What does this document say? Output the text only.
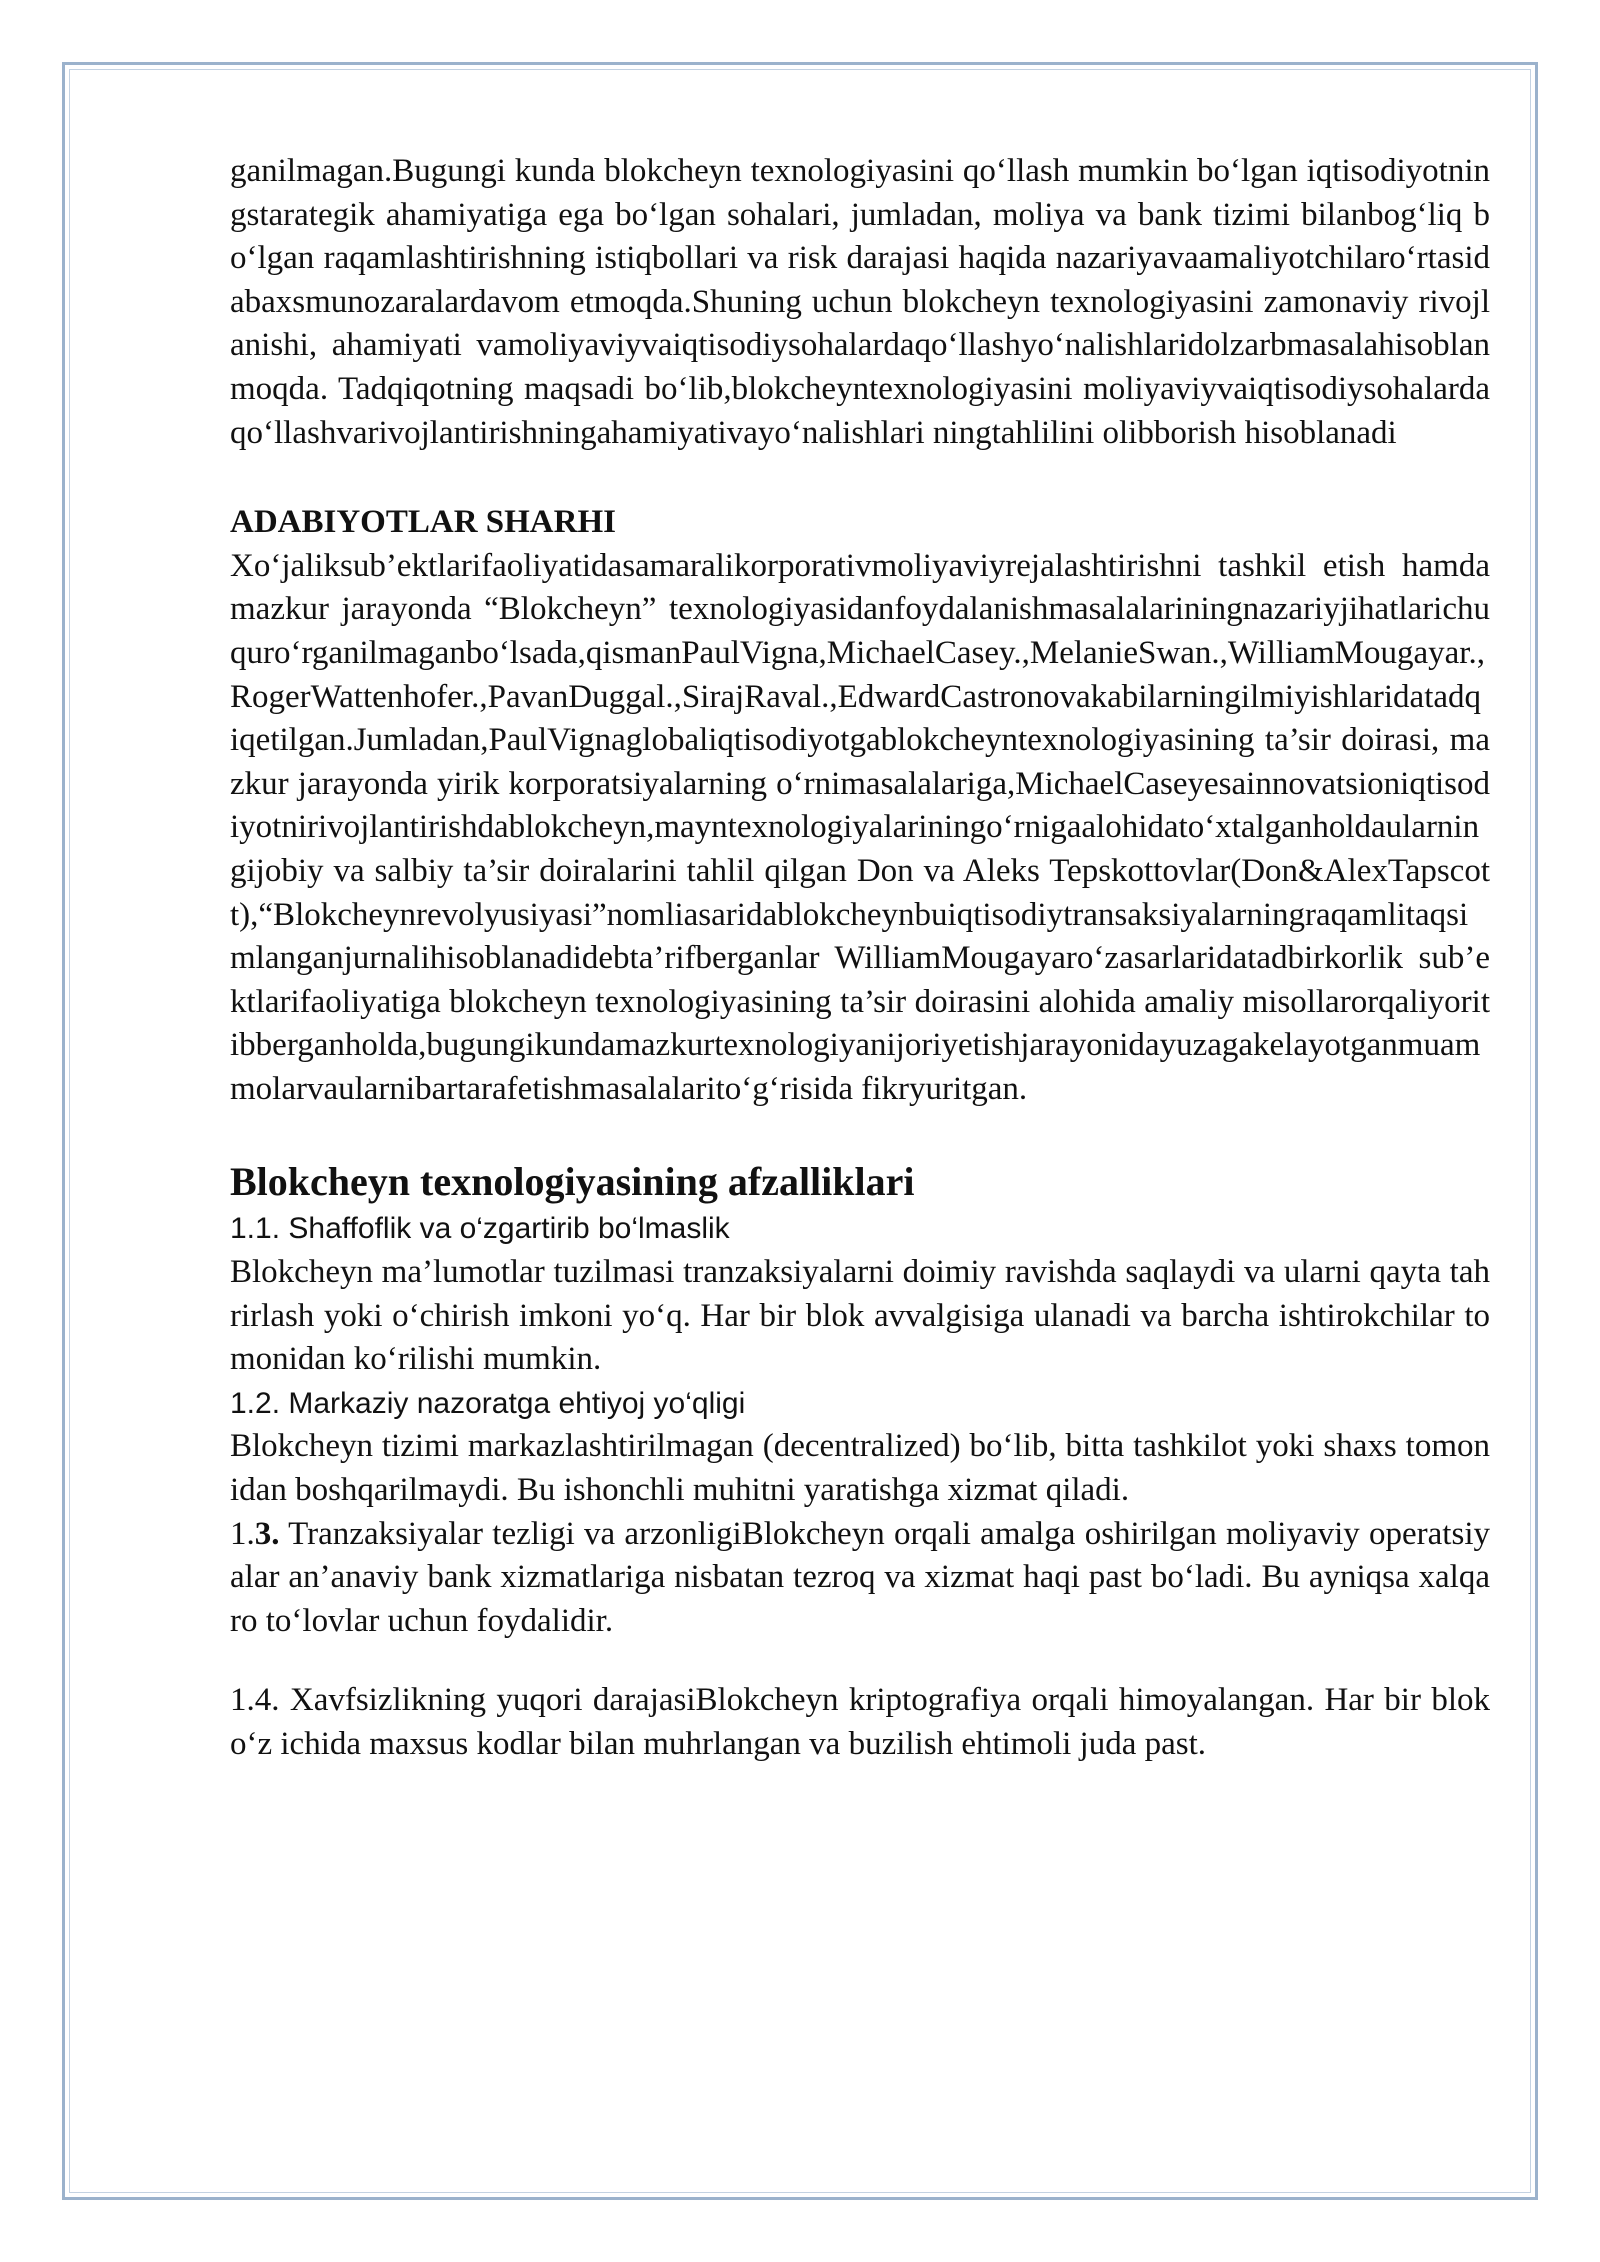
ganilmagan.Bugungi kunda blokcheyn texnologiyasini qo‘llash mumkin bo‘lgan iqtisodiyotningstarategik ahamiyatiga ega bo‘lgan sohalari, jumladan, moliya va bank tizimi bilanbog‘liq bo‘lgan raqamlashtirishning istiqbollari va risk darajasi haqida nazariyavaamaliyotchilaro‘rtasidabaxsmunozaralardavom etmoqda.Shuning uchun blokcheyn texnologiyasini zamonaviy rivojlanishi, ahamiyati vamoliyaviyvaiqtisodiysohalardaqo‘llashyo‘nalishlaridolzarbmasalahisoblanmoqda. Tadqiqotning maqsadi bo‘lib,blokcheyntexnologiyasini moliyaviyvaiqtisodiysohalardaqo‘llashvarivojlantirishningahamiyativayo‘nalishlari ningtahlilini olibborish hisoblanadi

ADABIYOTLAR SHARHI

Xo‘jaliksub’ektlarifaoliyatidasamaralikorporativmoliyaviyrejalashtirishni tashkil etish hamda mazkur jarayonda “Blokcheyn” texnologiyasidanfoydalanishmasalalariningnazariyjihatlarichuquro‘rganilmaganbo‘lsada,qismanPaulVigna,MichaelCasey.,MelanieSwan.,WilliamMougayar.,RogerWattenhofer.,PavanDuggal.,SirajRaval.,EdwardCastronovakabilarningilmiyishlaridatadqiqetilgan.Jumladan,PaulVignaglobaliqtisodiyotgablokcheyntexnologiyasining ta’sir doirasi, mazkur jarayonda yirik korporatsiyalarning o‘rnimasalalariga,MichaelCaseyesainnovatsioniqtisodiyotnirivojlantirishdablokcheyn,mayntexnologiyalariningo‘rnigaalohidato‘xtalganholdaularningijobiy va salbiy ta’sir doiralarini tahlil qilgan Don va Aleks Tepskottovlar(Don&AlexTapscott),“Blokcheynrevolyusiyasi”nomliasaridablokcheynbuiqtisodiytransaksiyalarningraqamlitaqsimlanganjurnalihisoblanadidebta’rifberganlar WilliamMougayaro‘zasarlaridatadbirkorlik sub’ektlarifaoliyatiga blokcheyn texnologiyasining ta’sir doirasini alohida amaliy misollarorqaliyoritibberganholda,bugungikundamazkurtexnologiyanijoriyetishjarayonidayuzagakelayotganmuammolarvaularnibartarafetishmasalalarito‘g‘risida fikryuritgan.

Blokcheyn texnologiyasining afzalliklari
1.1. Shaffoflik va o‘zgartirib bo‘lmaslik

Blokcheyn ma’lumotlar tuzilmasi tranzaksiyalarni doimiy ravishda saqlaydi va ularni qayta tahrirlash yoki o‘chirish imkoni yo‘q. Har bir blok avvalgisiga ulanadi va barcha ishtirokchilar tomonidan ko‘rilishi mumkin.

1.2. Markaziy nazoratga ehtiyoj yo‘qligi

Blokcheyn tizimi markazlashtirilmagan (decentralized) bo‘lib, bitta tashkilot yoki shaxs tomonidan boshqarilmaydi. Bu ishonchli muhitni yaratishga xizmat qiladi.

1.3. Tranzaksiyalar tezligi va arzonligiBlokcheyn orqali amalga oshirilgan moliyaviy operatsiyalar an’anaviy bank xizmatlariga nisbatan tezroq va xizmat haqi past bo‘ladi. Bu ayniqsa xalqaro to‘lovlar uchun foydalidir.

1.4. Xavfsizlikning yuqori darajasiBlokcheyn kriptografiya orqali himoyalangan. Har bir blok o‘z ichida maxsus kodlar bilan muhrlangan va buzilish ehtimoli juda past.
